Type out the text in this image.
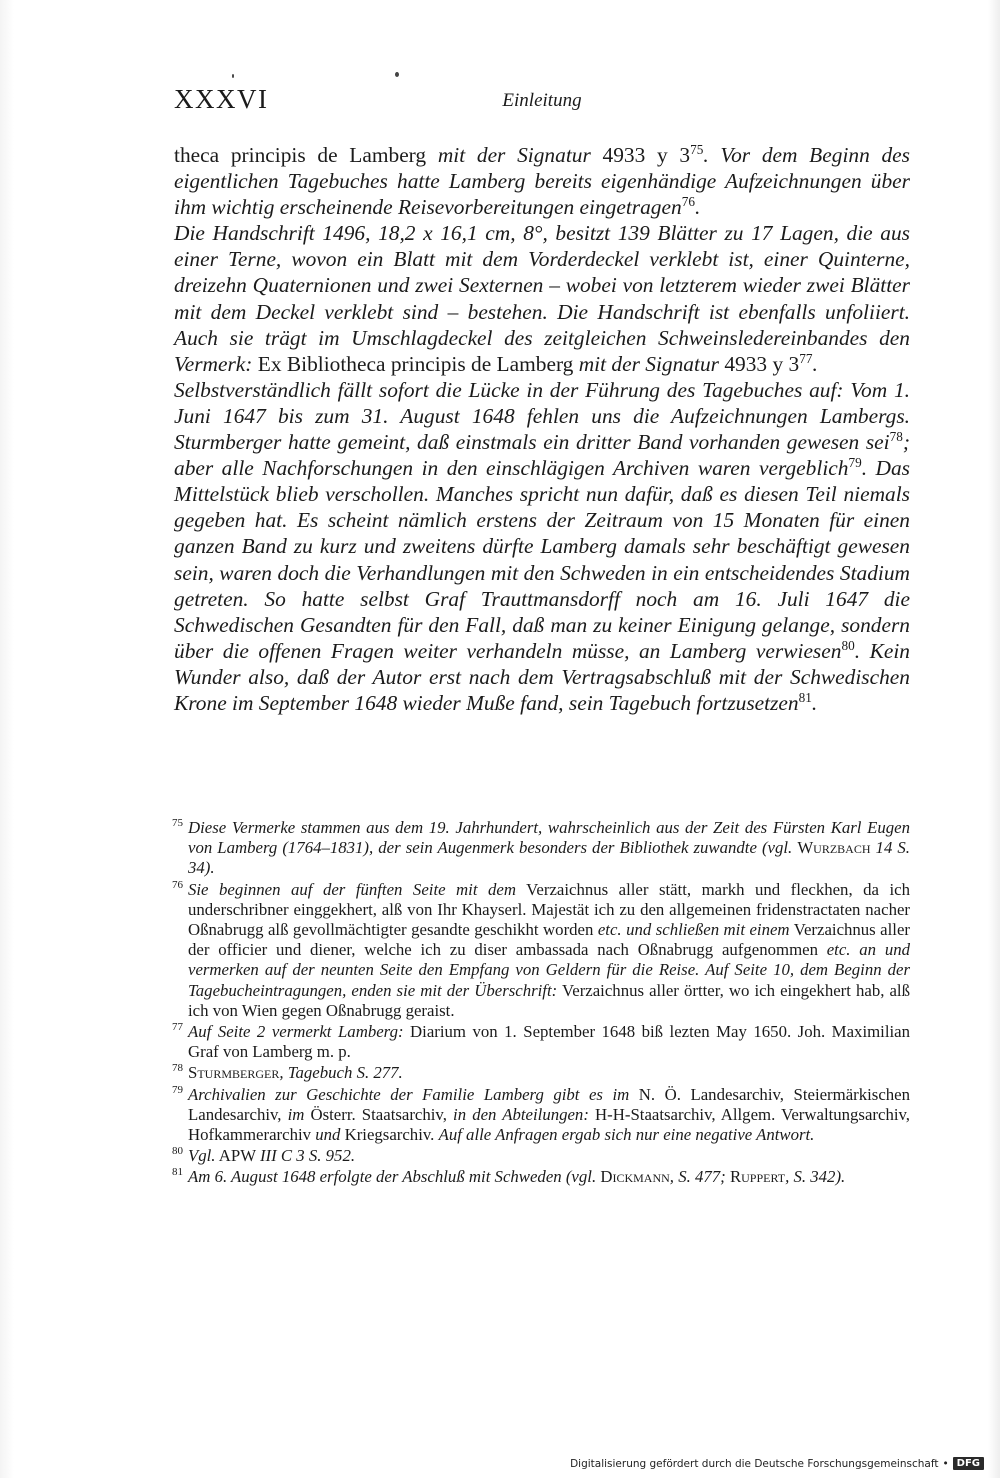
XXXVI	Einleitung

theca principis de Lamberg mit der Signatur 4933 y $3^{75}$. Vor dem Beginn des eigentlichen Tagebuches hatte Lamberg bereits eigenhändige Aufzeichnungen über ihm wichtig erscheinende Reisevorbereitungen eingetragen$^{76}$.

Die Handschrift 1496, 18,2 x 16,1 cm, 8°, besitzt 139 Blätter zu 17 Lagen, die aus einer Terne, wovon ein Blatt mit dem Vorderdeckel verklebt ist, einer Quinterne, dreizehn Quaternionen und zwei Sexternen – wobei von letzterem wieder zwei Blätter mit dem Deckel verklebt sind – bestehen. Die Handschrift ist ebenfalls unfoliiert. Auch sie trägt im Umschlagdeckel des zeitgleichen Schweinsledereinbandes den Vermerk: Ex Bibliotheca principis de Lamberg mit der Signatur 4933 y $3^{77}$.

Selbstverständlich fällt sofort die Lücke in der Führung des Tagebuches auf: Vom 1. Juni 1647 bis zum 31. August 1648 fehlen uns die Aufzeichnungen Lambergs. Sturmberger hatte gemeint, daß einstmals ein dritter Band vorhanden gewesen sei$^{78}$; aber alle Nachforschungen in den einschlägigen Archiven waren vergeblich$^{79}$. Das Mittelstück blieb verschollen. Manches spricht nun dafür, daß es diesen Teil niemals gegeben hat. Es scheint nämlich erstens der Zeitraum von 15 Monaten für einen ganzen Band zu kurz und zweitens dürfte Lamberg damals sehr beschäftigt gewesen sein, waren doch die Verhandlungen mit den Schweden in ein entscheidendes Stadium getreten. So hatte selbst Graf Trauttmansdorff noch am 16. Juli 1647 die Schwedischen Gesandten für den Fall, daß man zu keiner Einigung gelange, sondern über die offenen Fragen weiter verhandeln müsse, an Lamberg verwiesen$^{80}$. Kein Wunder also, daß der Autor erst nach dem Vertragsabschluß mit der Schwedischen Krone im September 1648 wieder Muße fand, sein Tagebuch fortzusetzen$^{81}$.

75 Diese Vermerke stammen aus dem 19. Jahrhundert, wahrscheinlich aus der Zeit des Fürsten Karl Eugen von Lamberg (1764–1831), der sein Augenmerk besonders der Bibliothek zuwandte (vgl. Wurzbach 14 S. 34).
76 Sie beginnen auf der fünften Seite mit dem Verzaichnus aller stätt, markh und fleckhen, da ich underschribner einggekhert, alß von Ihr Khayserl. Majestät ich zu den allgemeinen fridenstractaten nacher Oßnabrugg alß gevollmächtigter gesandte geschikht worden etc. und schließen mit einem Verzaichnus aller der officier und diener, welche ich zu diser ambassada nach Oßnabrugg aufgenommen etc. an und vermerken auf der neunten Seite den Empfang von Geldern für die Reise. Auf Seite 10, dem Beginn der Tagebucheintragungen, enden sie mit der Überschrift: Verzaichnus aller örtter, wo ich eingekhert hab, alß ich von Wien gegen Oßnabrugg geraist.
77 Auf Seite 2 vermerkt Lamberg: Diarium von 1. September 1648 biß lezten May 1650. Joh. Maximilian Graf von Lamberg m. p.
78 Sturmberger, Tagebuch S. 277.
79 Archivalien zur Geschichte der Familie Lamberg gibt es im N. Ö. Landesarchiv, Steiermärkischen Landesarchiv, im Österr. Staatsarchiv, in den Abteilungen: H-H-Staatsarchiv, Allgem. Verwaltungsarchiv, Hofkammerarchiv und Kriegsarchiv. Auf alle Anfragen ergab sich nur eine negative Antwort.
80 Vgl. APW III C 3 S. 952.
81 Am 6. August 1648 erfolgte der Abschluß mit Schweden (vgl. Dickmann, S. 477; Ruppert, S. 342).
Digitalisierung gefördert durch die Deutsche Forschungsgemeinschaft • DFG
